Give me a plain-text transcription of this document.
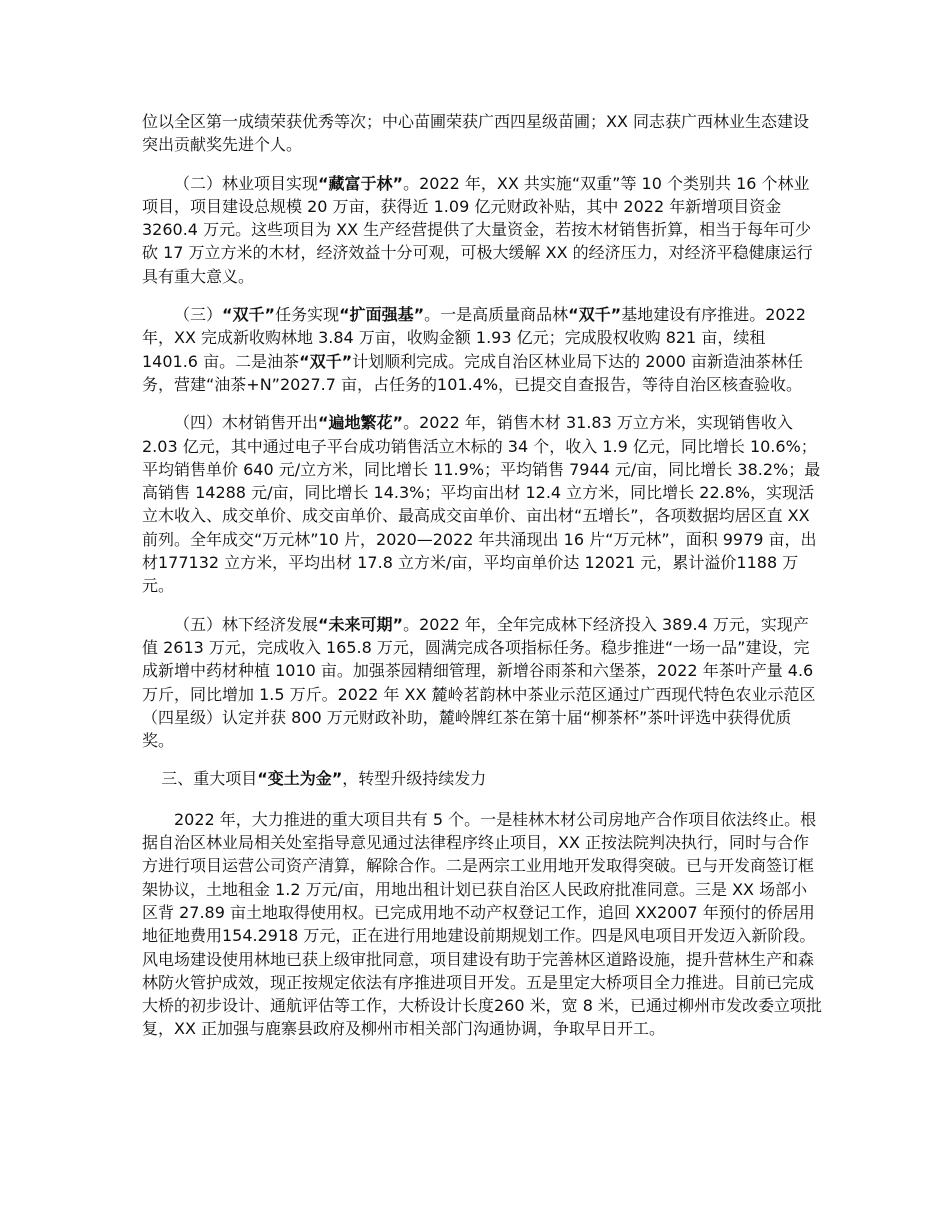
位以全区第一成绩荣获优秀等次；中心苗圃荣获广西四星级苗圃；XX 同志获广西林业生态建设突出贡献奖先进个人。

（二）林业项目实现“藏富于林”。2022 年，XX 共实施“双重”等 10 个类别共 16 个林业项目，项目建设总规模 20 万亩，获得近 1.09 亿元财政补贴，其中 2022 年新增项目资金 3260.4 万元。这些项目为 XX 生产经营提供了大量资金，若按木材销售折算，相当于每年可少砍 17 万立方米的木材，经济效益十分可观，可极大缓解 XX 的经济压力，对经济平稳健康运行具有重大意义。

（三）“双千”任务实现“扩面强基”。一是高质量商品林“双千”基地建设有序推进。2022 年，XX 完成新收购林地 3.84 万亩，收购金额 1.93 亿元；完成股权收购 821 亩，续租 1401.6 亩。二是油茶“双千”计划顺利完成。完成自治区林业局下达的 2000 亩新造油茶林任务，营建“油茶+N”2027.7 亩，占任务的101.4%，已提交自查报告，等待自治区核查验收。

（四）木材销售开出“遍地繁花”。2022 年，销售木材 31.83 万立方米，实现销售收入 2.03 亿元，其中通过电子平台成功销售活立木标的 34 个，收入 1.9 亿元，同比增长 10.6%；平均销售单价 640 元/立方米，同比增长 11.9%；平均销售 7944 元/亩，同比增长 38.2%；最高销售 14288 元/亩，同比增长 14.3%；平均亩出材 12.4 立方米，同比增长 22.8%，实现活立木收入、成交单价、成交亩单价、最高成交亩单价、亩出材“五增长”，各项数据均居区直 XX 前列。全年成交“万元林”10 片，2020—2022 年共涌现出 16 片“万元林”，面积 9979 亩，出材177132 立方米，平均出材 17.8 立方米/亩，平均亩单价达 12021 元，累计溢价1188 万元。

（五）林下经济发展“未来可期”。2022 年，全年完成林下经济投入 389.4 万元，实现产值 2613 万元，完成收入 165.8 万元，圆满完成各项指标任务。稳步推进“一场一品”建设，完成新增中药材种植 1010 亩。加强茶园精细管理，新增谷雨茶和六堡茶，2022 年茶叶产量 4.6 万斤，同比增加 1.5 万斤。2022 年 XX 麓岭茗韵林中茶业示范区通过广西现代特色农业示范区（四星级）认定并获 800 万元财政补助，麓岭牌红茶在第十届“柳茶杯”茶叶评选中获得优质奖。

三、重大项目“变土为金”，转型升级持续发力

2022 年，大力推进的重大项目共有 5 个。一是桂林木材公司房地产合作项目依法终止。根据自治区林业局相关处室指导意见通过法律程序终止项目，XX 正按法院判决执行，同时与合作方进行项目运营公司资产清算，解除合作。二是两宗工业用地开发取得突破。已与开发商签订框架协议，土地租金 1.2 万元/亩，用地出租计划已获自治区人民政府批准同意。三是 XX 场部小区背 27.89 亩土地取得使用权。已完成用地不动产权登记工作，追回 XX2007 年预付的侨居用地征地费用154.2918 万元，正在进行用地建设前期规划工作。四是风电项目开发迈入新阶段。风电场建设使用林地已获上级审批同意，项目建设有助于完善林区道路设施，提升营林生产和森林防火管护成效，现正按规定依法有序推进项目开发。五是里定大桥项目全力推进。目前已完成大桥的初步设计、通航评估等工作，大桥设计长度260 米，宽 8 米，已通过柳州市发改委立项批复，XX 正加强与鹿寨县政府及柳州市相关部门沟通协调，争取早日开工。
